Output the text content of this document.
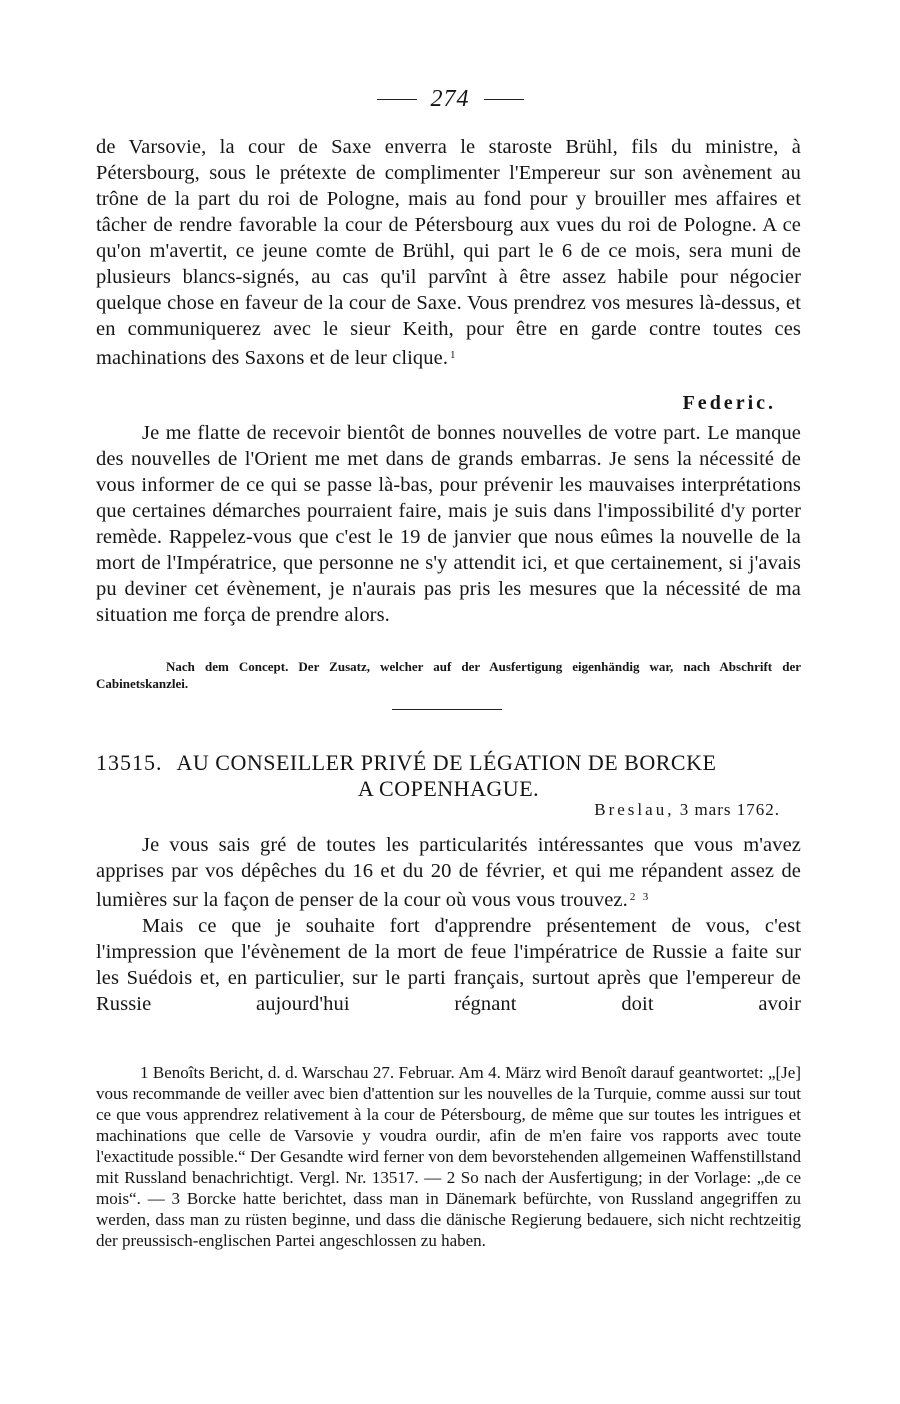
274

de Varsovie, la cour de Saxe enverra le staroste Brühl, fils du ministre, à Pétersbourg, sous le prétexte de complimenter l'Empereur sur son avènement au trône de la part du roi de Pologne, mais au fond pour y brouiller mes affaires et tâcher de rendre favorable la cour de Pétersbourg aux vues du roi de Pologne. A ce qu'on m'avertit, ce jeune comte de Brühl, qui part le 6 de ce mois, sera muni de plusieurs blancs-signés, au cas qu'il parvînt à être assez habile pour négocier quelque chose en faveur de la cour de Saxe. Vous prendrez vos mesures là-dessus, et en communiquerez avec le sieur Keith, pour être en garde contre toutes ces machinations des Saxons et de leur clique. $^1$

Federic.

Je me flatte de recevoir bientôt de bonnes nouvelles de votre part. Le manque des nouvelles de l'Orient me met dans de grands embarras. Je sens la nécessité de vous informer de ce qui se passe là-bas, pour prévenir les mauvaises interprétations que certaines démarches pourraient faire, mais je suis dans l'impossibilité d'y porter remède. Rappelez-vous que c'est le 19 de janvier que nous eûmes la nouvelle de la mort de l'Impératrice, que personne ne s'y attendit ici, et que certainement, si j'avais pu deviner cet évènement, je n'aurais pas pris les mesures que la nécessité de ma situation me força de prendre alors.

Nach dem Concept. Der Zusatz, welcher auf der Ausfertigung eigenhändig war, nach Abschrift der Cabinetskanzlei.
13515. AU CONSEILLER PRIVÉ DE LÉGATION DE BORCKE
A COPENHAGUE.
Breslau, 3 mars 1762.

Je vous sais gré de toutes les particularités intéressantes que vous m'avez apprises par vos dépêches du 16 et du 20 de février, et qui me répandent assez de lumières sur la façon de penser de la cour où vous vous trouvez. $^2$ $^3$

Mais ce que je souhaite fort d'apprendre présentement de vous, c'est l'impression que l'évènement de la mort de feue l'impératrice de Russie a faite sur les Suédois et, en particulier, sur le parti français, surtout après que l'empereur de Russie aujourd'hui régnant doit avoir

1 Benoîts Bericht, d. d. Warschau 27. Februar. Am 4. März wird Benoît darauf geantwortet: „[Je] vous recommande de veiller avec bien d'attention sur les nouvelles de la Turquie, comme aussi sur tout ce que vous apprendrez relativement à la cour de Pétersbourg, de même que sur toutes les intrigues et machinations que celle de Varsovie y voudra ourdir, afin de m'en faire vos rapports avec toute l'exactitude possible.“ Der Gesandte wird ferner von dem bevorstehenden allgemeinen Waffenstillstand mit Russland benachrichtigt. Vergl. Nr. 13517. — 2 So nach der Ausfertigung; in der Vorlage: „de ce mois“. — 3 Borcke hatte berichtet, dass man in Dänemark befürchte, von Russland angegriffen zu werden, dass man zu rüsten beginne, und dass die dänische Regierung bedauere, sich nicht rechtzeitig der preussisch-englischen Partei angeschlossen zu haben.
